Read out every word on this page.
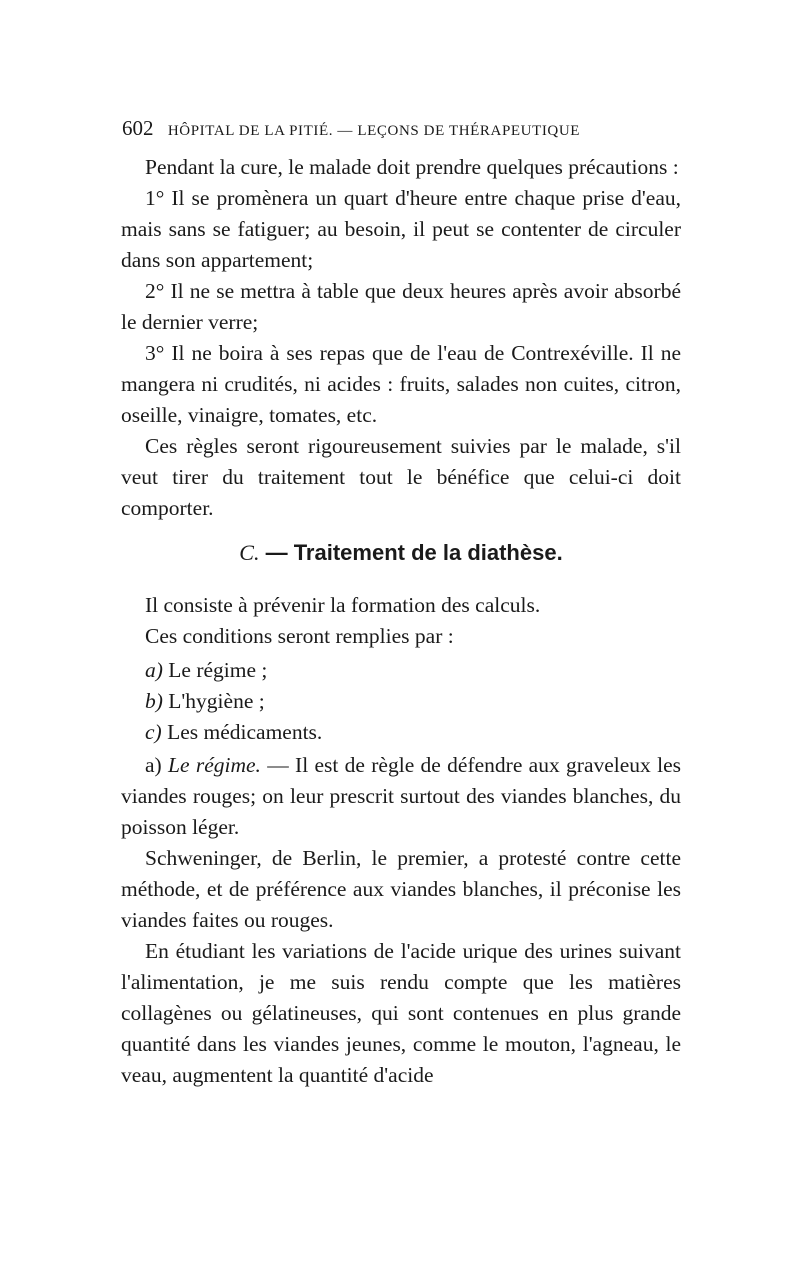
602 HÔPITAL DE LA PITIÉ. — LEÇONS DE THÉRAPEUTIQUE

Pendant la cure, le malade doit prendre quelques précautions :

1° Il se promènera un quart d'heure entre chaque prise d'eau, mais sans se fatiguer; au besoin, il peut se contenter de circuler dans son appartement;

2° Il ne se mettra à table que deux heures après avoir absorbé le dernier verre;

3° Il ne boira à ses repas que de l'eau de Contrexéville. Il ne mangera ni crudités, ni acides : fruits, salades non cuites, citron, oseille, vinaigre, tomates, etc.

Ces règles seront rigoureusement suivies par le malade, s'il veut tirer du traitement tout le bénéfice que celui-ci doit comporter.

C. — Traitement de la diathèse.

Il consiste à prévenir la formation des calculs.

Ces conditions seront remplies par :

a) Le régime ;
b) L'hygiène ;
c) Les médicaments.

a) Le régime. — Il est de règle de défendre aux graveleux les viandes rouges; on leur prescrit surtout des viandes blanches, du poisson léger.

Schweninger, de Berlin, le premier, a protesté contre cette méthode, et de préférence aux viandes blanches, il préconise les viandes faites ou rouges.

En étudiant les variations de l'acide urique des urines suivant l'alimentation, je me suis rendu compte que les matières collagènes ou gélatineuses, qui sont contenues en plus grande quantité dans les viandes jeunes, comme le mouton, l'agneau, le veau, augmentent la quantité d'acide
